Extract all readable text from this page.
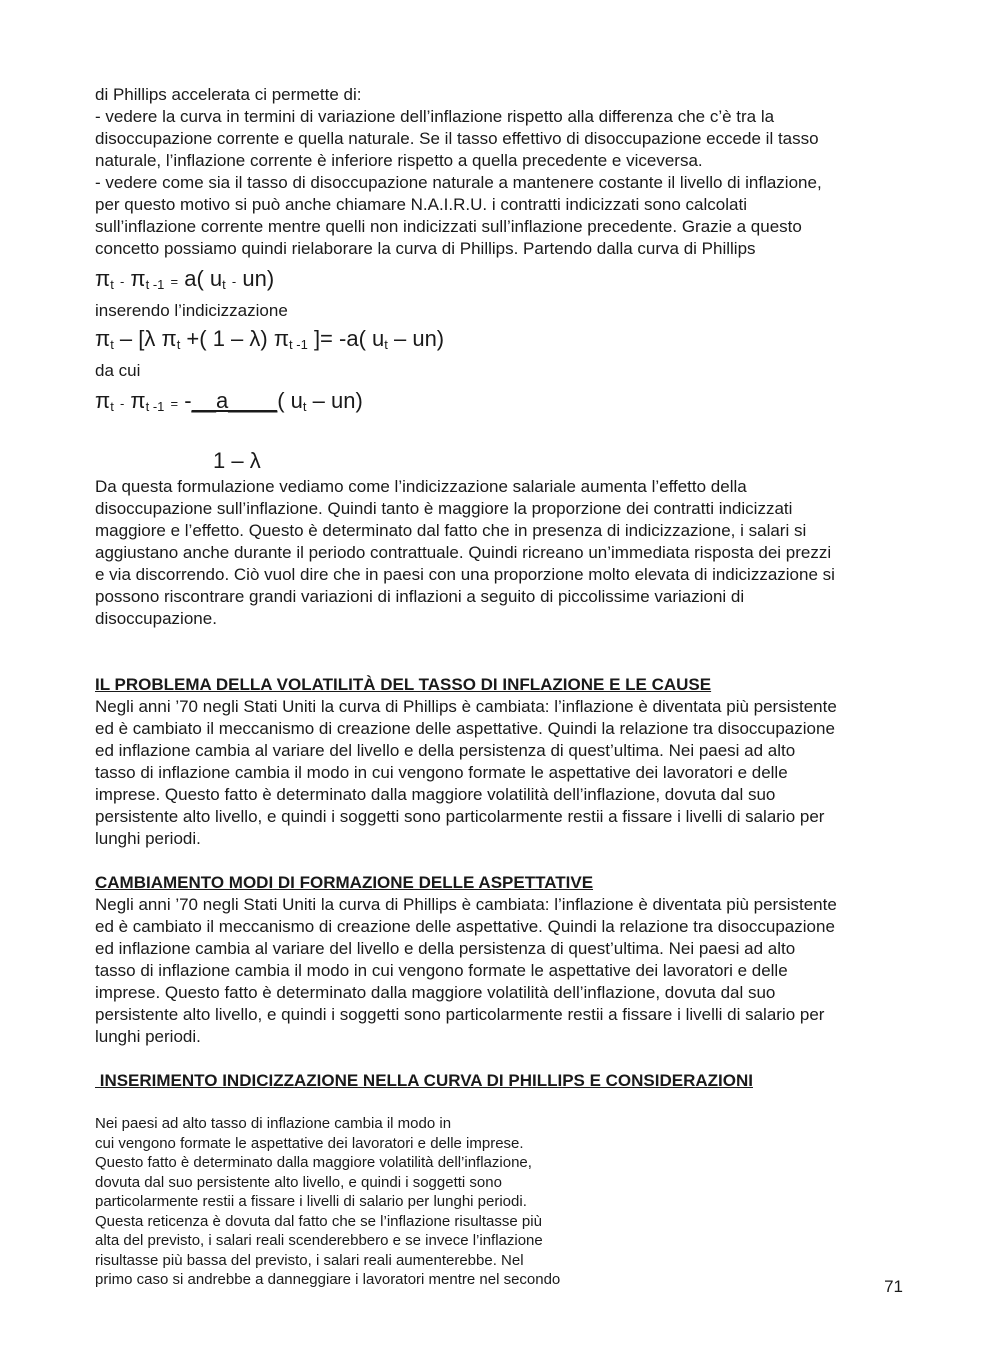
di Phillips accelerata ci permette di:
- vedere la curva in termini di variazione dell’inflazione rispetto alla differenza che c’è tra la
disoccupazione corrente e quella naturale. Se il tasso effettivo di disoccupazione eccede il tasso
naturale, l’inflazione corrente è inferiore rispetto a quella precedente e viceversa.
- vedere come sia il tasso di disoccupazione naturale a mantenere costante il livello di inflazione,
per questo motivo si può anche chiamare N.A.I.R.U. i contratti indicizzati sono calcolati
sull’inflazione corrente mentre quelli non indicizzati sull’inflazione precedente. Grazie a questo
concetto possiamo quindi rielaborare la curva di Phillips. Partendo dalla curva di Phillips
$\pi_t - \pi_{t -1} = a$( $u_t - un$)
inserendo l’indicizzazione
$\pi_t - [\lambda$ $\pi_t$ +( 1 – λ) $\pi_{t -1}$ ]= -a( $u_t - un$)
da cui
$\pi_t - \pi_{t -1}$ = -__a____( $u_t - un$)
1 – λ
Da questa formulazione vediamo come l’indicizzazione salariale aumenta l’effetto della
disoccupazione sull’inflazione. Quindi tanto è maggiore la proporzione dei contratti indicizzati
maggiore e l’effetto. Questo è determinato dal fatto che in presenza di indicizzazione, i salari si
aggiustano anche durante il periodo contrattuale. Quindi ricreano un’immediata risposta dei prezzi
e via discorrendo. Ciò vuol dire che in paesi con una proporzione molto elevata di indicizzazione si
possono riscontrare grandi variazioni di inflazioni a seguito di piccolissime variazioni di
disoccupazione.
IL PROBLEMA DELLA VOLATILITÀ DEL TASSO DI INFLAZIONE E LE CAUSE
Negli anni ’70 negli Stati Uniti la curva di Phillips è cambiata: l’inflazione è diventata più persistente
ed è cambiato il meccanismo di creazione delle aspettative. Quindi la relazione tra disoccupazione
ed inflazione cambia al variare del livello e della persistenza di quest’ultima. Nei paesi ad alto
tasso di inflazione cambia il modo in cui vengono formate le aspettative dei lavoratori e delle
imprese. Questo fatto è determinato dalla maggiore volatilità dell’inflazione, dovuta dal suo
persistente alto livello, e quindi i soggetti sono particolarmente restii a fissare i livelli di salario per
lunghi periodi.
CAMBIAMENTO MODI DI FORMAZIONE DELLE ASPETTATIVE
Negli anni ’70 negli Stati Uniti la curva di Phillips è cambiata: l’inflazione è diventata più persistente
ed è cambiato il meccanismo di creazione delle aspettative. Quindi la relazione tra disoccupazione
ed inflazione cambia al variare del livello e della persistenza di quest’ultima. Nei paesi ad alto
tasso di inflazione cambia il modo in cui vengono formate le aspettative dei lavoratori e delle
imprese. Questo fatto è determinato dalla maggiore volatilità dell’inflazione, dovuta dal suo
persistente alto livello, e quindi i soggetti sono particolarmente restii a fissare i livelli di salario per
lunghi periodi.
INSERIMENTO INDICIZZAZIONE NELLA CURVA DI PHILLIPS E CONSIDERAZIONI
Nei paesi ad alto tasso di inflazione cambia il modo in
cui vengono formate le aspettative dei lavoratori e delle imprese.
Questo fatto è determinato dalla maggiore volatilità dell’inflazione,
dovuta dal suo persistente alto livello, e quindi i soggetti sono
particolarmente restii a fissare i livelli di salario per lunghi periodi.
Questa reticenza è dovuta dal fatto che se l’inflazione risultasse più
alta del previsto, i salari reali scenderebbero e se invece l’inflazione
risultasse più bassa del previsto, i salari reali aumenterebbe. Nel
primo caso si andrebbe a danneggiare i lavoratori mentre nel secondo	71
